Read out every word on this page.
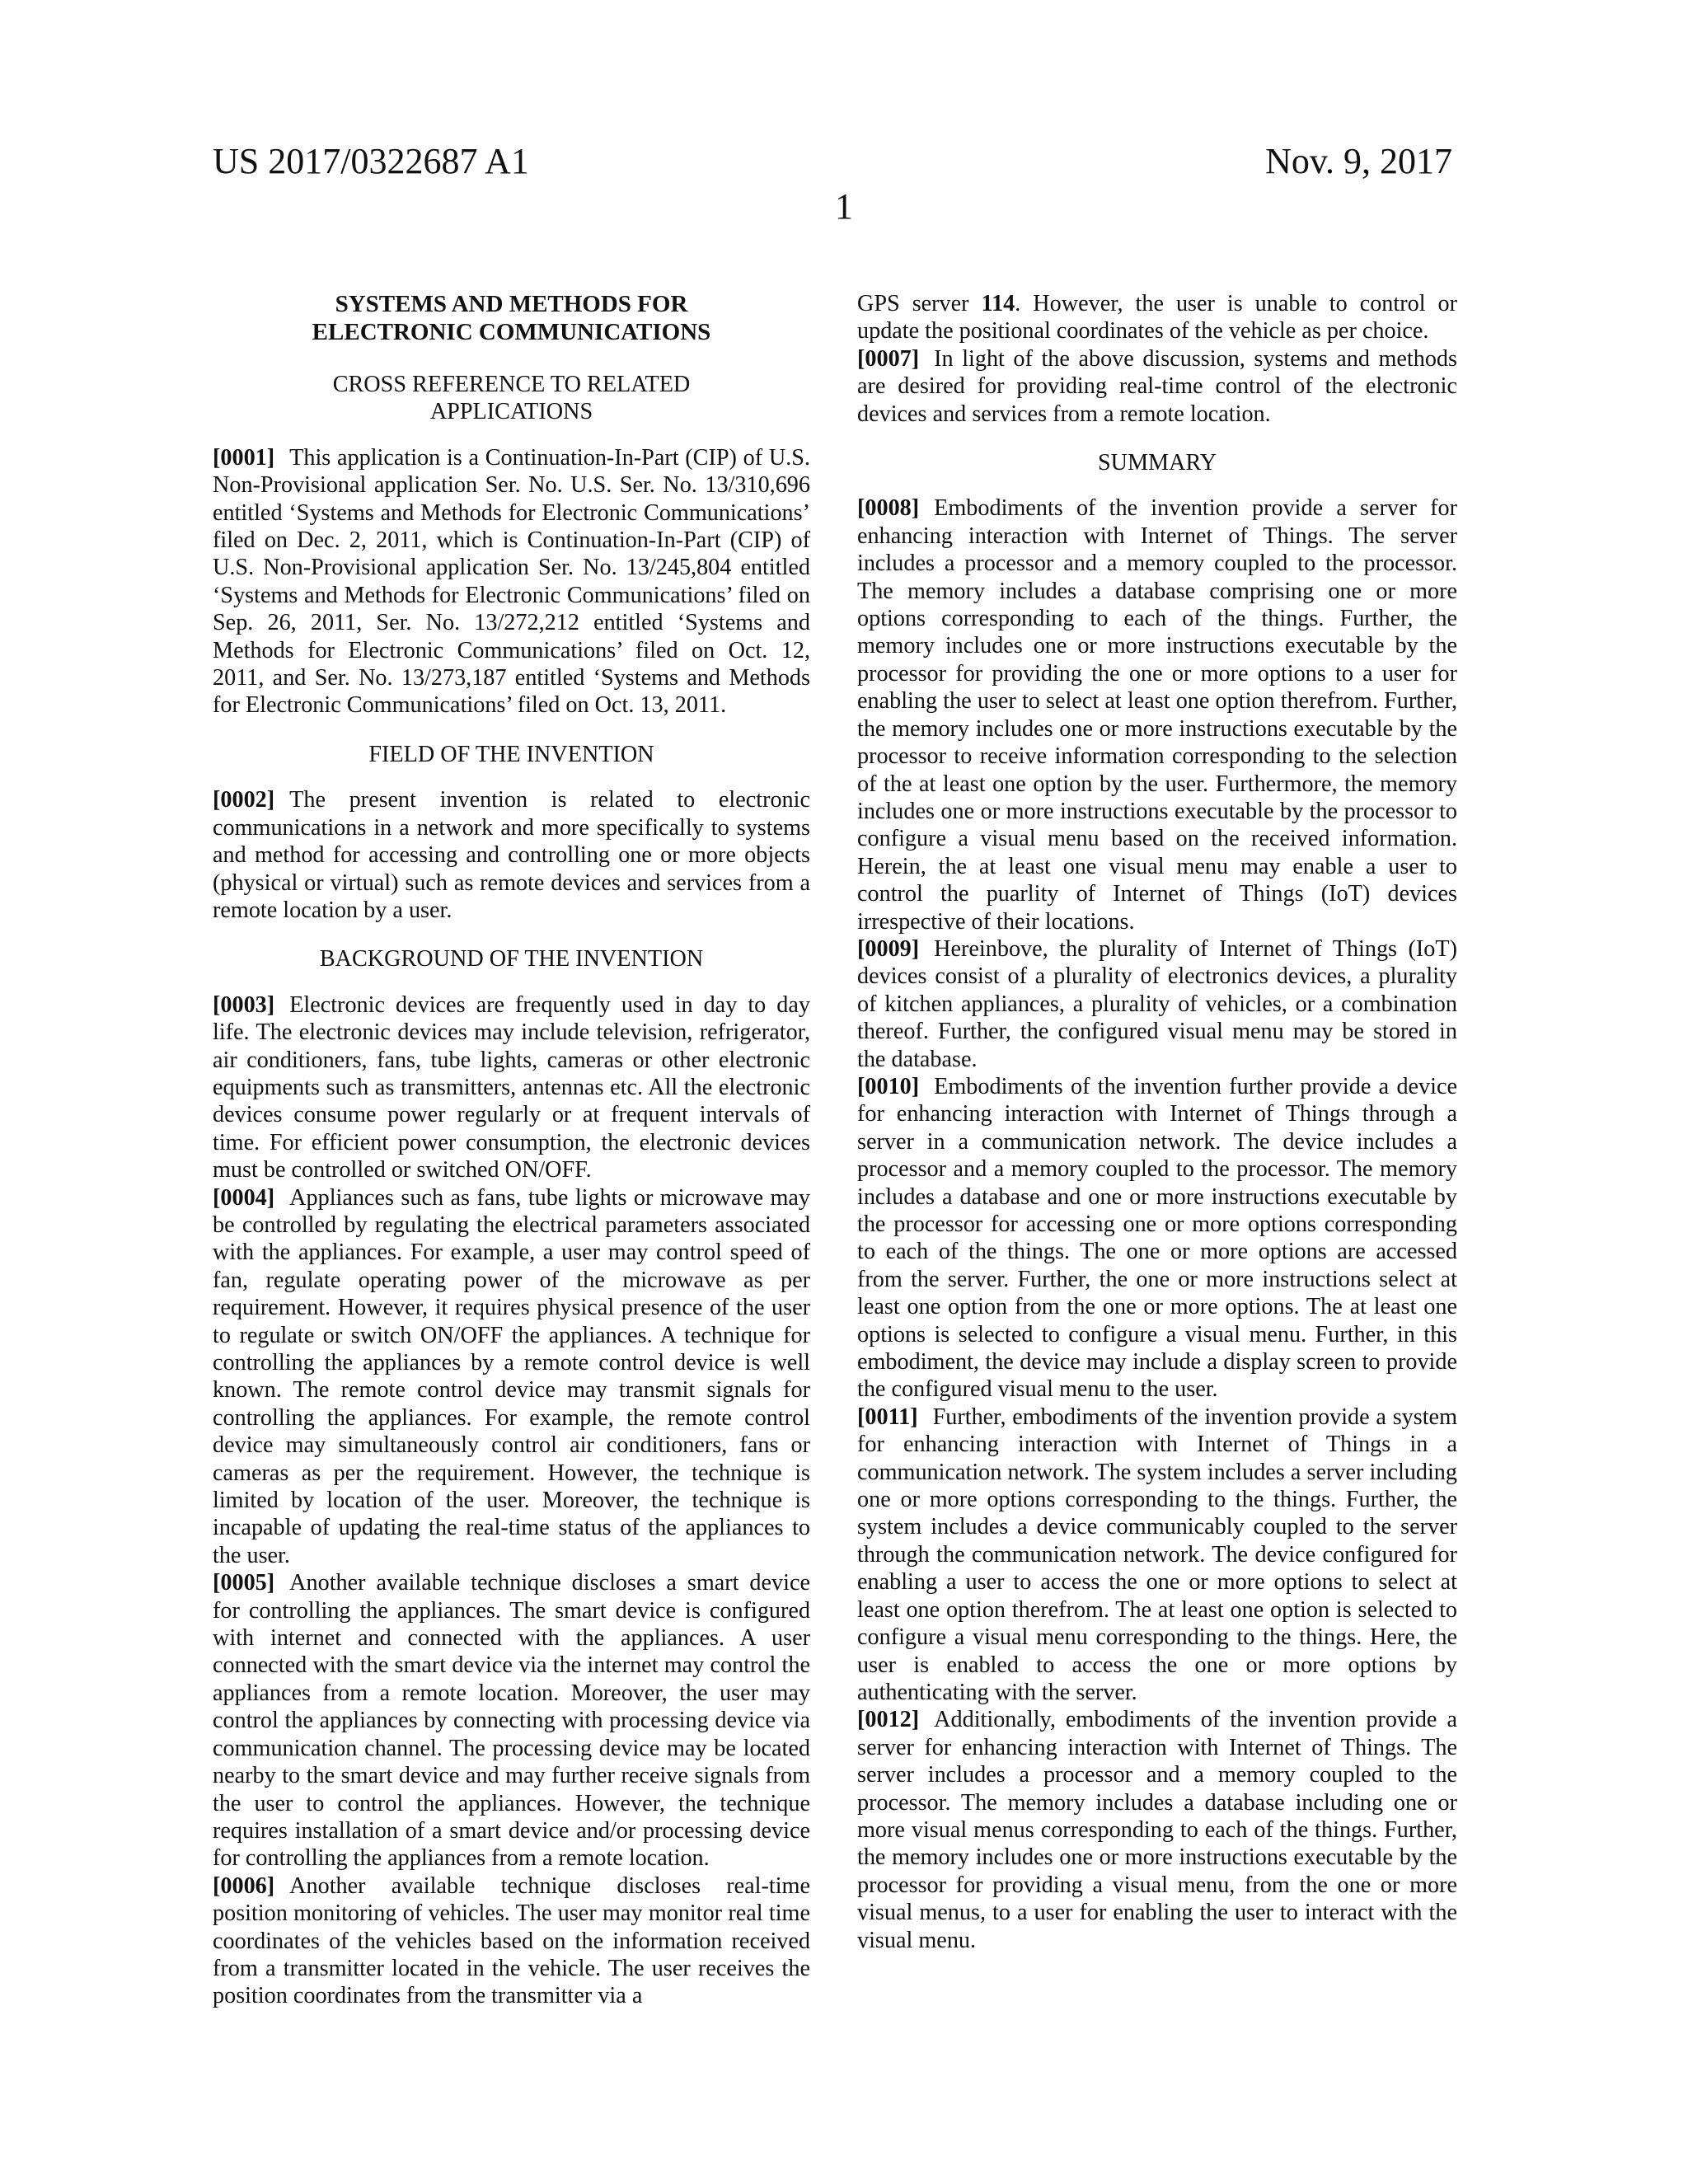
US 2017/0322687 A1	Nov. 9, 2017
1
SYSTEMS AND METHODS FOR
ELECTRONIC COMMUNICATIONS
CROSS REFERENCE TO RELATED
APPLICATIONS

[0001] This application is a Continuation-In-Part (CIP) of U.S. Non-Provisional application Ser. No. U.S. Ser. No. 13/310,696 entitled ‘Systems and Methods for Electronic Communications’ filed on Dec. 2, 2011, which is Continuation-In-Part (CIP) of U.S. Non-Provisional application Ser. No. 13/245,804 entitled ‘Systems and Methods for Electronic Communications’ filed on Sep. 26, 2011, Ser. No. 13/272,212 entitled ‘Systems and Methods for Electronic Communications’ filed on Oct. 12, 2011, and Ser. No. 13/273,187 entitled ‘Systems and Methods for Electronic Communications’ filed on Oct. 13, 2011.

FIELD OF THE INVENTION

[0002] The present invention is related to electronic communications in a network and more specifically to systems and method for accessing and controlling one or more objects (physical or virtual) such as remote devices and services from a remote location by a user.

BACKGROUND OF THE INVENTION

[0003] Electronic devices are frequently used in day to day life. The electronic devices may include television, refrigerator, air conditioners, fans, tube lights, cameras or other electronic equipments such as transmitters, antennas etc. All the electronic devices consume power regularly or at frequent intervals of time. For efficient power consumption, the electronic devices must be controlled or switched ON/OFF.

[0004] Appliances such as fans, tube lights or microwave may be controlled by regulating the electrical parameters associated with the appliances. For example, a user may control speed of fan, regulate operating power of the microwave as per requirement. However, it requires physical presence of the user to regulate or switch ON/OFF the appliances. A technique for controlling the appliances by a remote control device is well known. The remote control device may transmit signals for controlling the appliances. For example, the remote control device may simultaneously control air conditioners, fans or cameras as per the requirement. However, the technique is limited by location of the user. Moreover, the technique is incapable of updating the real-time status of the appliances to the user.

[0005] Another available technique discloses a smart device for controlling the appliances. The smart device is configured with internet and connected with the appliances. A user connected with the smart device via the internet may control the appliances from a remote location. Moreover, the user may control the appliances by connecting with processing device via communication channel. The processing device may be located nearby to the smart device and may further receive signals from the user to control the appliances. However, the technique requires installation of a smart device and/or processing device for controlling the appliances from a remote location.

[0006] Another available technique discloses real-time position monitoring of vehicles. The user may monitor real time coordinates of the vehicles based on the information received from a transmitter located in the vehicle. The user receives the position coordinates from the transmitter via a

GPS server 114. However, the user is unable to control or update the positional coordinates of the vehicle as per choice.

[0007] In light of the above discussion, systems and methods are desired for providing real-time control of the electronic devices and services from a remote location.

SUMMARY

[0008] Embodiments of the invention provide a server for enhancing interaction with Internet of Things. The server includes a processor and a memory coupled to the processor. The memory includes a database comprising one or more options corresponding to each of the things. Further, the memory includes one or more instructions executable by the processor for providing the one or more options to a user for enabling the user to select at least one option therefrom. Further, the memory includes one or more instructions executable by the processor to receive information corresponding to the selection of the at least one option by the user. Furthermore, the memory includes one or more instructions executable by the processor to configure a visual menu based on the received information. Herein, the at least one visual menu may enable a user to control the puarlity of Internet of Things (IoT) devices irrespective of their locations.

[0009] Hereinbove, the plurality of Internet of Things (IoT) devices consist of a plurality of electronics devices, a plurality of kitchen appliances, a plurality of vehicles, or a combination thereof. Further, the configured visual menu may be stored in the database.

[0010] Embodiments of the invention further provide a device for enhancing interaction with Internet of Things through a server in a communication network. The device includes a processor and a memory coupled to the processor. The memory includes a database and one or more instructions executable by the processor for accessing one or more options corresponding to each of the things. The one or more options are accessed from the server. Further, the one or more instructions select at least one option from the one or more options. The at least one options is selected to configure a visual menu. Further, in this embodiment, the device may include a display screen to provide the configured visual menu to the user.

[0011] Further, embodiments of the invention provide a system for enhancing interaction with Internet of Things in a communication network. The system includes a server including one or more options corresponding to the things. Further, the system includes a device communicably coupled to the server through the communication network. The device configured for enabling a user to access the one or more options to select at least one option therefrom. The at least one option is selected to configure a visual menu corresponding to the things. Here, the user is enabled to access the one or more options by authenticating with the server.

[0012] Additionally, embodiments of the invention provide a server for enhancing interaction with Internet of Things. The server includes a processor and a memory coupled to the processor. The memory includes a database including one or more visual menus corresponding to each of the things. Further, the memory includes one or more instructions executable by the processor for providing a visual menu, from the one or more visual menus, to a user for enabling the user to interact with the visual menu.
